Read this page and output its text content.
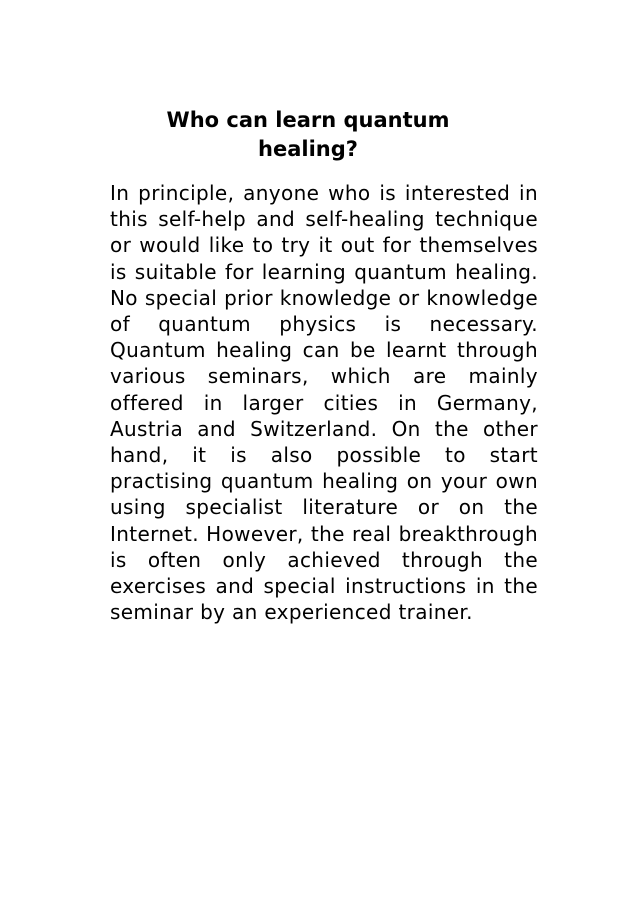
Who can learn quantum
healing?

In principle, anyone who is interested in this self-help and self-healing technique or would like to try it out for themselves is suitable for learning quantum healing. No special prior knowledge or knowledge of quantum physics is necessary. Quantum healing can be learnt through various seminars, which are mainly offered in larger cities in Germany, Austria and Switzerland. On the other hand, it is also possible to start practising quantum healing on your own using specialist literature or on the Internet. However, the real breakthrough is often only achieved through the exercises and special instructions in the seminar by an experienced trainer.
